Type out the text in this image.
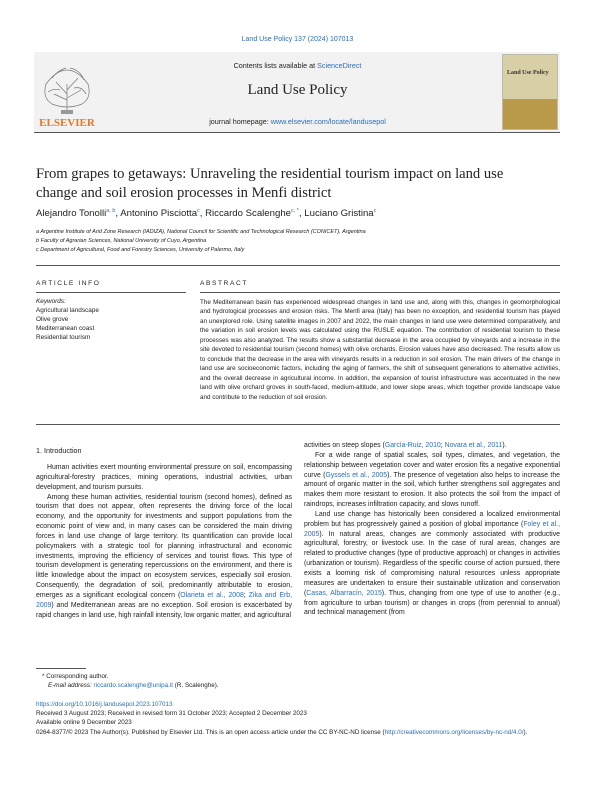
Land Use Policy 137 (2024) 107013
ELSEVIER
Contents lists available at ScienceDirect
Land Use Policy
journal homepage: www.elsevier.com/locate/landusepol
Land Use Policy
From grapes to getaways: Unraveling the residential tourism impact on land use change and soil erosion processes in Menfi district
Alejandro Tonolli$^{a, b}$, Antonino Pisciotta$^c$, Riccardo Scalenghe$^{c, *}$, Luciano Gristina$^c$
a Argentine Institute of Arid Zone Research (IADIZA), National Council for Scientific and Technological Research (CONICET), Argentina
b Faculty of Agrarian Sciences, National University of Cuyo, Argentina
c Department of Agricultural, Food and Forestry Sciences, University of Palermo, Italy
ARTICLE INFO	ABSTRACT
Keywords:
Agricultural landscape
Olive grove
Mediterranean coast
Residential tourism
The Mediterranean basin has experienced widespread changes in land use and, along with this, changes in geomorphological and hydrological processes and erosion risks. The Menfi area (Italy) has been no exception, and residential tourism has played an unexplored role. Using satellite images in 2007 and 2022, the main changes in land use were determined comparatively, and the variation in soil erosion levels was calculated using the RUSLE equation. The contribution of residential tourism to these processes was also analyzed. The results show a substantial decrease in the area occupied by vineyards and a increase in the site devoted to residential tourism (second homes) with olive orchards. Erosion values have also decreased. The results allow us to conclude that the decrease in the area with vineyards results in a reduction in soil erosion. The main drivers of the change in land use are socioeconomic factors, including the aging of farmers, the shift of subsequent generations to alternative activities, and the overall decrease in agricultural income. In addition, the expansion of tourist infrastructure was accentuated in the new land with olive orchard groves in south-faced, medium-altitude, and lower slope areas, which together provide landscape value and contribute to the reduction of soil erosion.
1. Introduction

Human activities exert mounting environmental pressure on soil, encompassing agricultural-forestry practices, mining operations, industrial activities, urban development, and tourism pursuits.

Among these human activities, residential tourism (second homes), defined as tourism that does not appear, often represents the driving force of the local economy, and the opportunity for investments and support populations from the economic point of view and, in many cases can be considered the main driving forces in land use change of large territory. Its quantification can provide local policymakers with a strategic tool for planning infrastructural and economic investments, improving the efficiency of services and tourist flows. This type of tourism development is generating repercussions on the environment, and there is little knowledge about the impact on ecosystem services, especially soil erosion. Consequently, the degradation of soil, predominantly attributable to erosion, emerges as a significant ecological concern (Olarieta et al., 2008; Zika and Erb, 2009) and Mediterranean areas are no exception. Soil erosion is exacerbated by rapid changes in land use, high rainfall intensity, low organic matter, and agricultural

activities on steep slopes (García-Ruiz, 2010; Novara et al., 2011).

For a wide range of spatial scales, soil types, climates, and vegetation, the relationship between vegetation cover and water erosion fits a negative exponential curve (Gyssels et al., 2005). The presence of vegetation also helps to increase the amount of organic matter in the soil, which further strengthens soil aggregates and makes them more resistant to erosion. It also protects the soil from the impact of raindrops, increases infiltration capacity, and slows runoff.

Land use change has historically been considered a localized environmental problem but has progressively gained a position of global importance (Foley et al., 2005). In natural areas, changes are commonly associated with productive agricultural, forestry, or livestock use. In the case of rural areas, changes are related to productive changes (type of productive approach) or changes in activities (urbanization or tourism). Regardless of the specific course of action pursued, there exists a looming risk of compromising natural resources unless appropriate measures are undertaken to ensure their sustainable utilization and conservation (Casas, Albarracín, 2015). Thus, changing from one type of use to another (e.g., from agriculture to urban tourism) or changes in crops (from perennial to annual) and technical management (from

* Corresponding author.
E-mail address: riccardo.scalenghe@unipa.it (R. Scalenghe).
https://doi.org/10.1016/j.landusepol.2023.107013
Received 3 August 2023; Received in revised form 31 October 2023; Accepted 2 December 2023
Available online 9 December 2023
0264-8377/© 2023 The Author(s). Published by Elsevier Ltd. This is an open access article under the CC BY-NC-ND license (http://creativecommons.org/licenses/by-nc-nd/4.0/).
